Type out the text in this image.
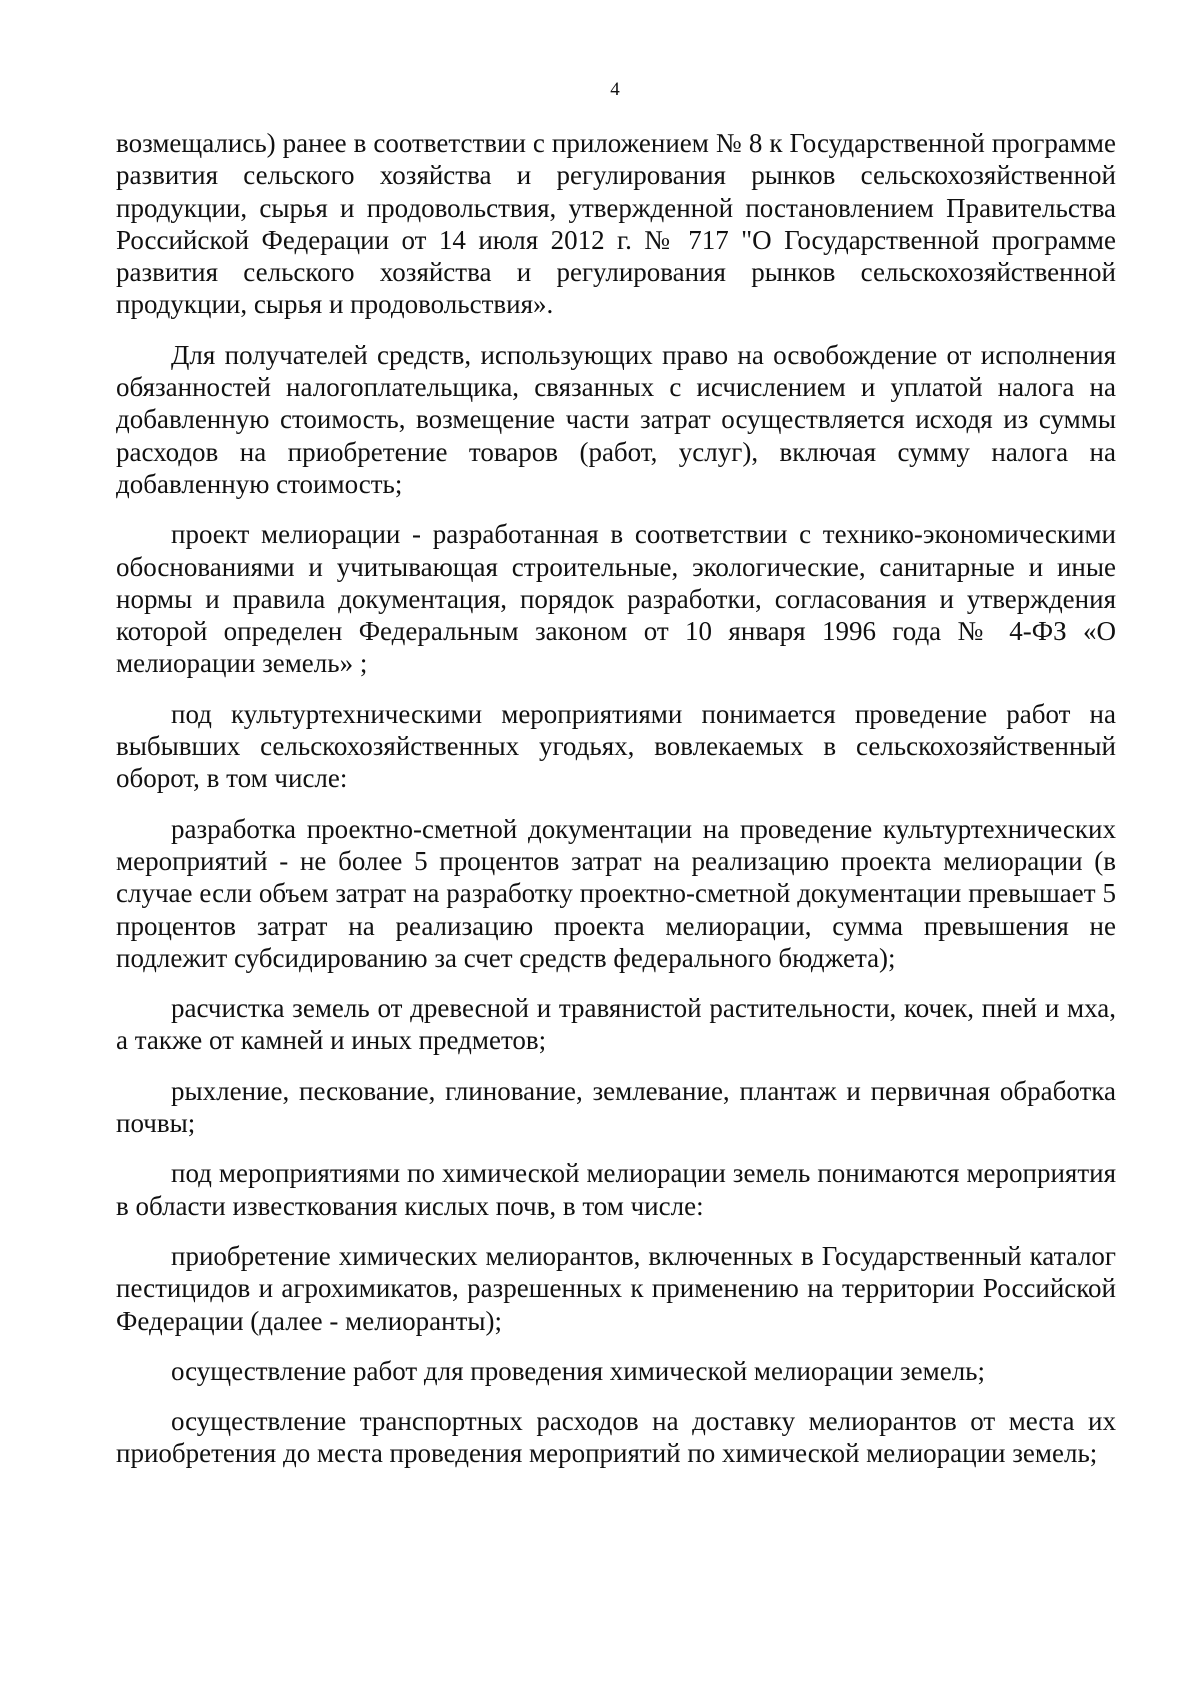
4

возмещались) ранее в соответствии с приложением № 8 к Государственной программе развития сельского хозяйства и регулирования рынков сельскохозяйственной продукции, сырья и продовольствия, утвержденной постановлением Правительства Российской Федерации от 14 июля 2012 г. № 717 "О Государственной программе развития сельского хозяйства и регулирования рынков сельскохозяйственной продукции, сырья и продовольствия».

Для получателей средств, использующих право на освобождение от исполнения обязанностей налогоплательщика, связанных с исчислением и уплатой налога на добавленную стоимость, возмещение части затрат осуществляется исходя из суммы расходов на приобретение товаров (работ, услуг), включая сумму налога на добавленную стоимость;

проект мелиорации - разработанная в соответствии с технико-экономическими обоснованиями и учитывающая строительные, экологические, санитарные и иные нормы и правила документация, порядок разработки, согласования и утверждения которой определен Федеральным законом от 10 января 1996 года № 4-ФЗ «О мелиорации земель» ;

под культуртехническими мероприятиями понимается проведение работ на выбывших сельскохозяйственных угодьях, вовлекаемых в сельскохозяйственный оборот, в том числе:

разработка проектно-сметной документации на проведение культуртехнических мероприятий - не более 5 процентов затрат на реализацию проекта мелиорации (в случае если объем затрат на разработку проектно-сметной документации превышает 5 процентов затрат на реализацию проекта мелиорации, сумма превышения не подлежит субсидированию за счет средств федерального бюджета);

расчистка земель от древесной и травянистой растительности, кочек, пней и мха, а также от камней и иных предметов;

рыхление, пескование, глинование, землевание, плантаж и первичная обработка почвы;

под мероприятиями по химической мелиорации земель понимаются мероприятия в области известкования кислых почв, в том числе:

приобретение химических мелиорантов, включенных в Государственный каталог пестицидов и агрохимикатов, разрешенных к применению на территории Российской Федерации (далее - мелиоранты);

осуществление работ для проведения химической мелиорации земель;

осуществление транспортных расходов на доставку мелиорантов от места их приобретения до места проведения мероприятий по химической мелиорации земель;
